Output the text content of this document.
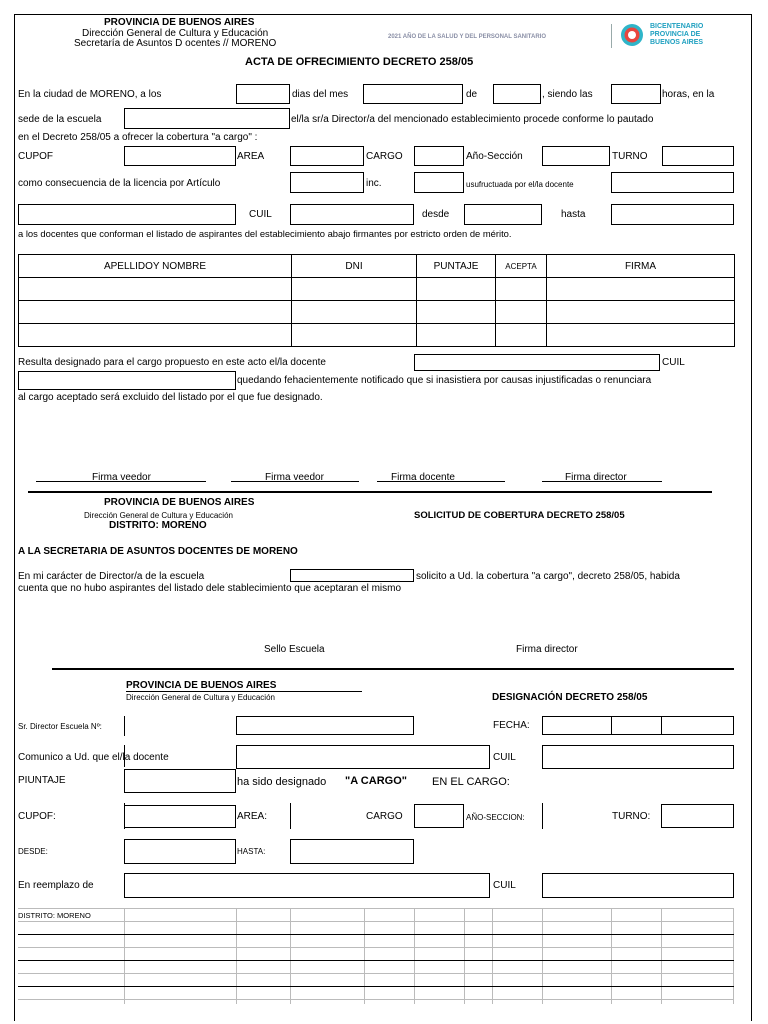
PROVINCIA DE BUENOS AIRES
Dirección General de Cultura y Educación
Secretaría de Asuntos D ocentes // MORENO
2021 AÑO DE LA SALUD Y DEL PERSONAL SANITARIO
BICENTENARIO
PROVINCIA DE
BUENOS AIRES
ACTA DE OFRECIMIENTO DECRETO 258/05
En la ciudad de MORENO, a los	dias del mes	de	, siendo las	horas, en la
sede de la escuela	el/la sr/a Director/a del mencionado establecimiento procede conforme lo pautado
en el Decreto 258/05 a ofrecer la cobertura "a cargo" :
CUPOF	AREA	CARGO	Año-Sección	TURNO
como consecuencia de la licencia por Artículo	inc.	usufructuada por el/la docente
CUIL	desde	hasta
a los docentes que conforman el listado de aspirantes del establecimiento abajo firmantes por estricto orden de mérito.
APELLIDOY NOMBRE	DNI	PUNTAJE	ACEPTA	FIRMA

Resulta designado para el cargo propuesto en este acto el/la docente	CUIL
quedando fehacientemente notificado que si inasistiera por causas injustificadas o renunciara
al cargo aceptado será excluido del listado por el que fue designado.
Firma veedor	Firma veedor	Firma docente	Firma director
PROVINCIA DE BUENOS AIRES
Dirección General de Cultura y Educación
DISTRITO: MORENO
SOLICITUD DE COBERTURA DECRETO 258/05
A LA SECRETARIA DE ASUNTOS DOCENTES DE MORENO
En mi carácter de Director/a de la escuela	solicito a Ud. la cobertura "a cargo", decreto 258/05, habida
cuenta que no hubo aspirantes del listado dele stablecimiento que aceptaran el mismo
Sello Escuela	Firma director
PROVINCIA DE BUENOS AIRES
Dirección General de Cultura y Educación	DESIGNACIÓN DECRETO 258/05
Sr. Director Escuela Nº:	FECHA:
Comunico a Ud. que el/la docente	CUIL
PIUNTAJE	ha sido designado "A CARGO" EN EL CARGO:
CUPOF:	AREA:	CARGO	AÑO-SECCION:	TURNO:
DESDE:	HASTA:
En reemplazo de	CUIL
DISTRITO: MORENO
